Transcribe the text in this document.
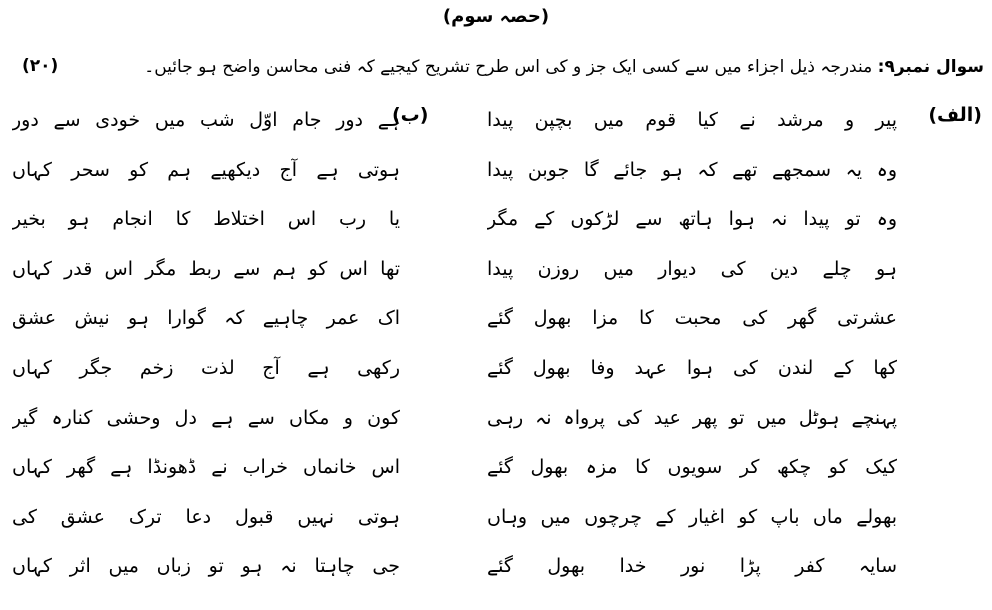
(حصہ سوم)
سوال نمبر۹: مندرجہ ذیل اجزاء میں سے کسی ایک جز و کی اس طرح تشریح کیجیے کہ فنی محاسن واضح ہو جائیں۔
(۲۰)
(الف)
(ب)	پیر و مرشد نے کیا قوم میں بچپن پیدا
وہ یہ سمجھے تھے کہ ہو جائے گا جوبن پیدا
وہ تو پیدا نہ ہوا ہاتھ سے لڑکوں کے مگر
ہو چلے دین کی دیوار میں روزن پیدا
عشرتی گھر کی محبت کا مزا بھول گئے
کھا کے لندن کی ہوا عہد وفا بھول گئے
پہنچے ہوٹل میں تو پھر عید کی پرواہ نہ رہی
کیک کو چکھ کر سویوں کا مزہ بھول گئے
بھولے ماں باپ کو اغیار کے چرچوں میں وہاں
سایہ کفر پڑا نور خدا بھول گئے
ہے دور جام اوّل شب میں خودی سے دور
ہوتی ہے آج دیکھیے ہم کو سحر کہاں
یا رب اس اختلاط کا انجام ہو بخیر
تھا اس کو ہم سے ربط مگر اس قدر کہاں
اک عمر چاہیے کہ گوارا ہو نیش عشق
رکھی ہے آج لذت زخم جگر کہاں
کون و مکاں سے ہے دل وحشی کنارہ گیر
اس خانماں خراب نے ڈھونڈا ہے گھر کہاں
ہوتی نہیں قبول دعا ترک عشق کی
جی چاہتا نہ ہو تو زباں میں اثر کہاں
